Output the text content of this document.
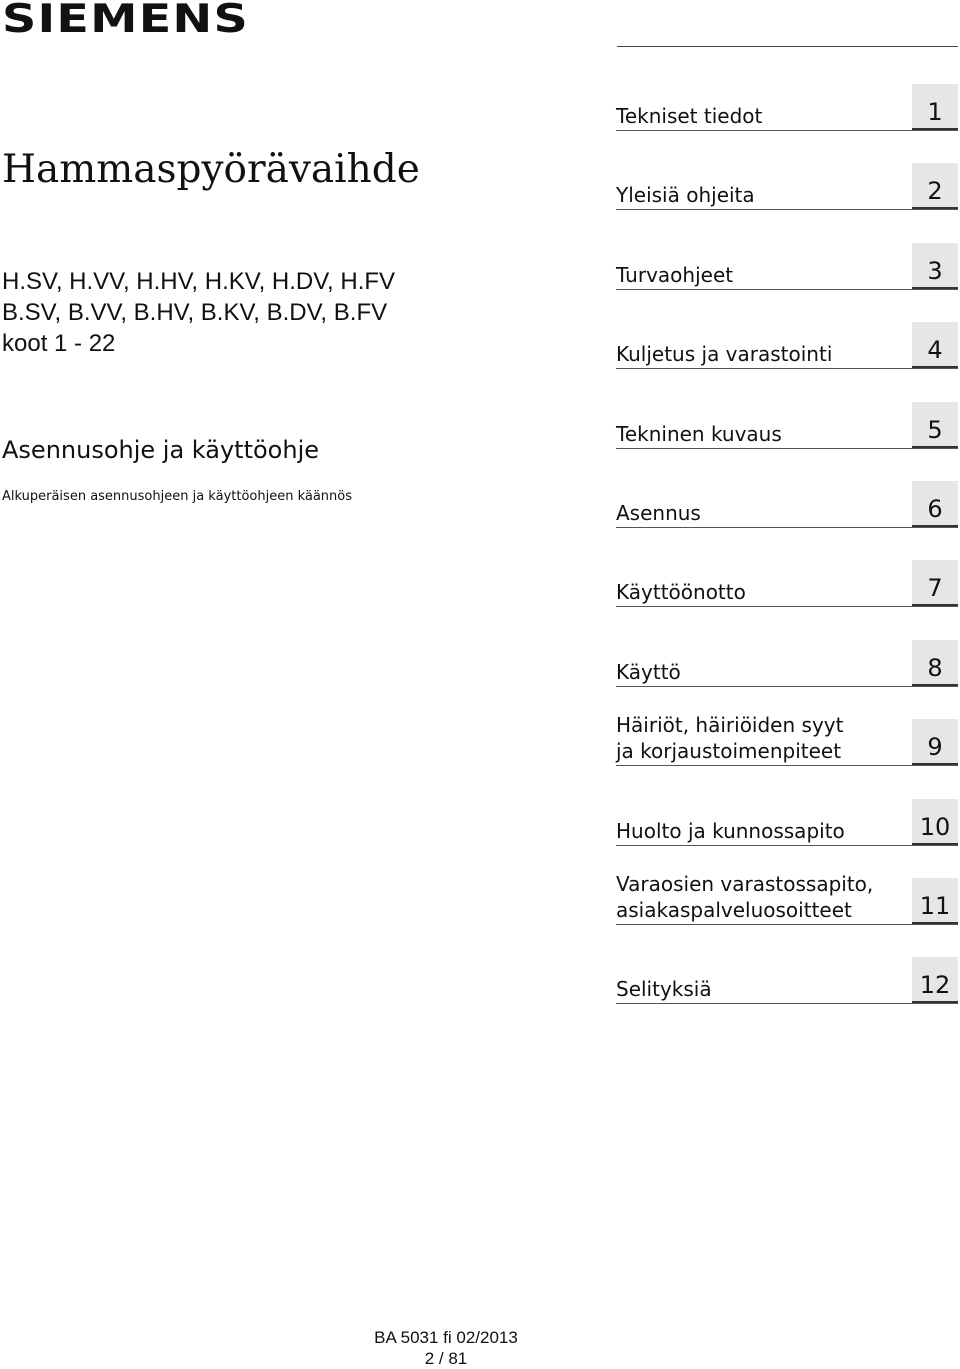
SIEMENS
Hammaspyörävaihde
H.SV, H.VV, H.HV, H.KV, H.DV, H.FV
B.SV, B.VV, B.HV, B.KV, B.DV, B.FV
koot 1 - 22
Asennusohje ja käyttöohje
Alkuperäisen asennusohjeen ja käyttöohjeen käännös
1
Tekniset tiedot
2
Yleisiä ohjeita
3
Turvaohjeet
4
Kuljetus ja varastointi
5
Tekninen kuvaus
6
Asennus
7
Käyttöönotto
8
Käyttö
9
Häiriöt, häiriöiden syyt
ja korjaustoimenpiteet
10
Huolto ja kunnossapito
11
Varaosien varastossapito,
asiakaspalveluosoitteet
12
Selityksiä
BA 5031 fi 02/2013
2 / 81
